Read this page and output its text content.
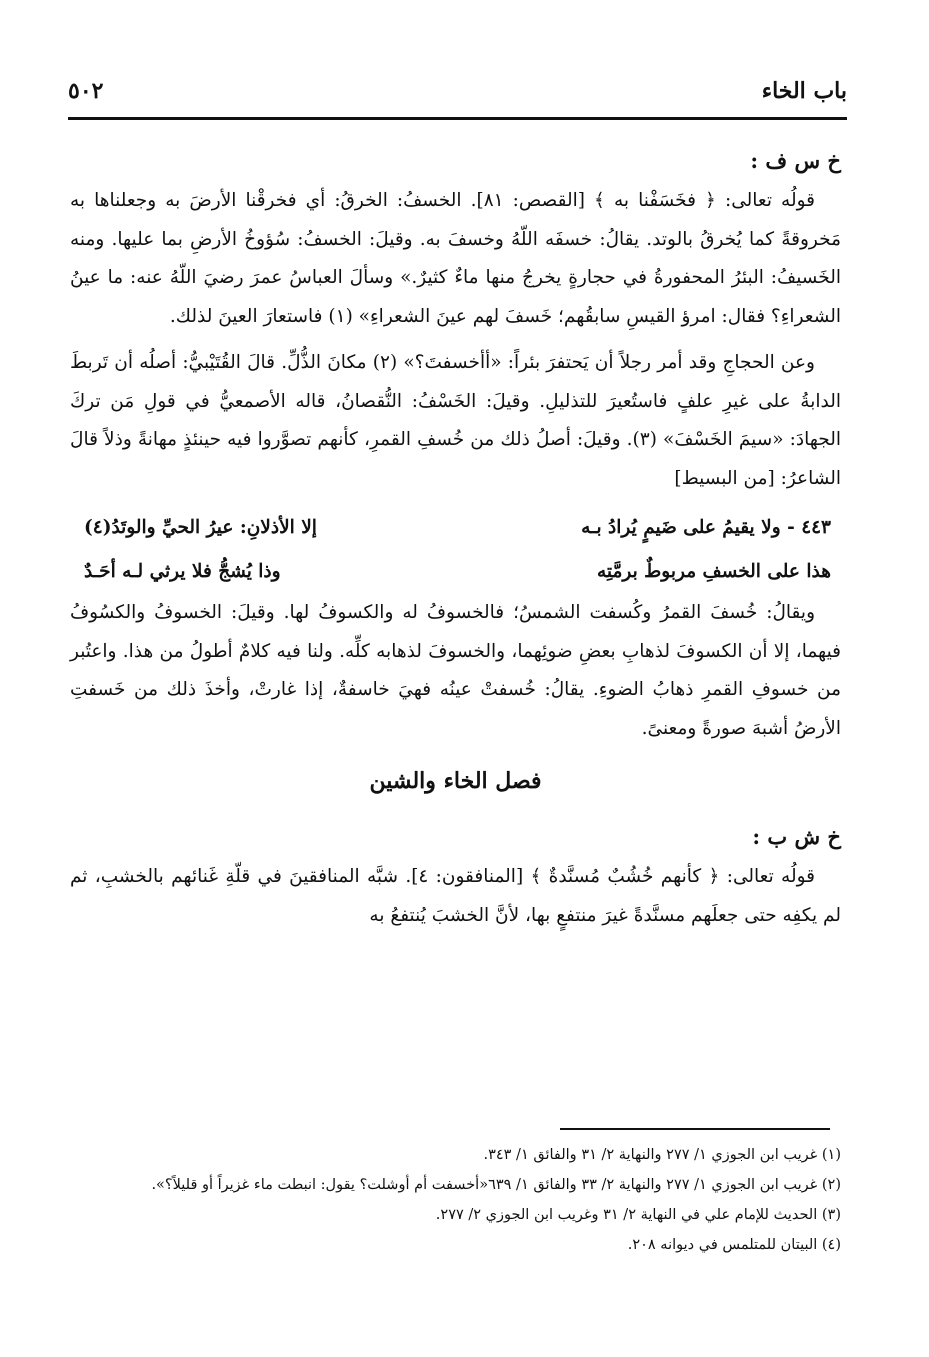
باب الخاء
٥٠٢

خ س ف :

قولُه تعالى: ﴿ فخَسَفْنا به ﴾ [القصص: ٨١]. الخسفُ: الخرقُ: أي فخرقْنا الأرضَ به وجعلناها به مَخروقةً كما يُخرقُ بالوتد. يقالُ: خسفَه اللّهُ وخسفَ به. وقيلَ: الخسفُ: سُؤوخُ الأرضِ بما عليها. ومنه الخَسيفُ: البئرُ المحفورةُ في حجارةٍ يخرجُ منها ماءٌ كثيرٌ.» وسألَ العباسُ عمرَ رضيَ اللّهُ عنه: ما عينُ الشعراءِ؟ فقال: امرؤ القيسِ سابقُهم؛ خَسفَ لهم عينَ الشعراءِ» (١) فاستعارَ العينَ لذلك.

وعن الحجاجِ وقد أمر رجلاً أن يَحتفرَ بئراً: «أأخسفتَ؟» (٢) مكانَ الذُّلِّ. قالَ القُتَيْبيُّ: أصلُه أن تَربطَ الدابةُ على غيرِ علفٍ فاستُعيرَ للتذليلِ. وقيلَ: الخَسْفُ: النُّقصانُ، قاله الأصمعيُّ في قولِ مَن تركَ الجهادَ: «سيمَ الخَسْفَ» (٣). وقيلَ: أصلُ ذلك من خُسفِ القمرِ، كأنهم تصوَّروا فيه حينئذٍ مهانةً وذلاً قالَ الشاعرُ: [من البسيط]

٤٤٣ - ولا يقيمُ على ضَيمٍ يُرادُ بـه
إلا الأذلانِ: عيرُ الحيِّ والوتَدُ(٤)
هذا على الخسفِ مربوطٌ برمَّتِه
وذا يُشجُّ فلا يرثي لـه أحَـدٌ

ويقالُ: خُسفَ القمرُ وكُسفت الشمسُ؛ فالخسوفُ له والكسوفُ لها. وقيلَ: الخسوفُ والكسُوفُ فيهما، إلا أن الكسوفَ لذهابِ بعضِ ضوئِهما، والخسوفَ لذهابه كلِّه. ولنا فيه كلامٌ أطولُ من هذا. واعتُبر من خسوفِ القمرِ ذهابُ الضوءِ. يقالُ: خُسفتْ عينُه فهيَ خاسفةٌ، إذا غارتْ، وأخذَ ذلك من خَسفتِ الأرضُ أشبهَ صورةً ومعنىً.

فصل الخاء والشين

خ ش ب :

قولُه تعالى: ﴿ كأنهم خُشُبٌ مُسنَّدةٌ ﴾ [المنافقون: ٤]. شبَّه المنافقينَ في قلّةِ غَنائهم بالخشبِ، ثم لم يكفِه حتى جعلَهم مسنَّدةً غيرَ منتفعٍ بها، لأنَّ الخشبَ يُنتفعُ به

(١) غريب ابن الجوزي ١/ ٢٧٧ والنهاية ٢/ ٣١ والفائق ١/ ٣٤٣.

(٢) غريب ابن الجوزي ١/ ٢٧٧ والنهاية ٢/ ٣٣ والفائق ١/ ٦٣٩«أخسفت أم أوشلت؟ يقول: انبطت ماء غزيراً أو قليلاً؟».

(٣) الحديث للإمام علي في النهاية ٢/ ٣١ وغريب ابن الجوزي ٢/ ٢٧٧.

(٤) البيتان للمتلمس في ديوانه ٢٠٨.
